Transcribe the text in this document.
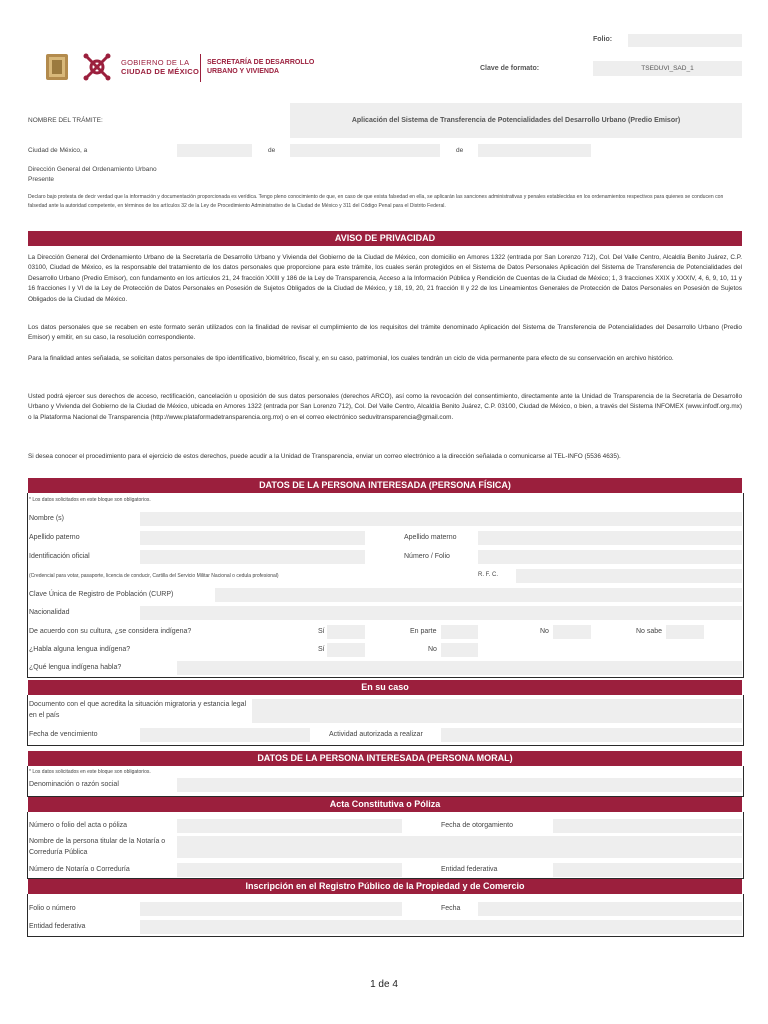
Folio:
GOBIERNO DE LA
CIUDAD DE MÉXICO
SECRETARÍA DE DESARROLLO
URBANO Y VIVIENDA	Clave de formato:	TSEDUVI_SAD_1
NOMBRE DEL TRÁMITE:	Aplicación del Sistema de Transferencia de Potencialidades del Desarrollo Urbano (Predio Emisor)
Ciudad de México, a	de	de
Dirección General del Ordenamiento Urbano
Presente
Declaro bajo protesta de decir verdad que la información y documentación proporcionada es verídica. Tengo pleno conocimiento de que, en caso de que exista falsedad en ella, se aplicarán las sanciones administrativas y penales establecidas en los ordenamientos respectivos para quienes se conducen con falsedad ante la autoridad competente, en términos de los artículos 32 de la Ley de Procedimiento Administrativo de la Ciudad de México y 311 del Código Penal para el Distrito Federal.
AVISO DE PRIVACIDAD
La Dirección General del Ordenamiento Urbano de la Secretaría de Desarrollo Urbano y Vivienda del Gobierno de la Ciudad de México, con domicilio en Amores 1322 (entrada por San Lorenzo 712), Col. Del Valle Centro, Alcaldía Benito Juárez, C.P. 03100, Ciudad de México, es la responsable del tratamiento de los datos personales que proporcione para este trámite, los cuales serán protegidos en el Sistema de Datos Personales Aplicación del Sistema de Transferencia de Potencialidades del Desarrollo Urbano (Predio Emisor), con fundamento en los artículos 21, 24 fracción XXIII y 186 de la Ley de Transparencia, Acceso a la Información Pública y Rendición de Cuentas de la Ciudad de México; 1, 3 fracciones XXIX y XXXIV, 4, 6, 9, 10, 11 y 16 fracciones I y VI de la Ley de Protección de Datos Personales en Posesión de Sujetos Obligados de la Ciudad de México, y 18, 19, 20, 21 fracción II y 22 de los Lineamientos Generales de Protección de Datos Personales en Posesión de Sujetos Obligados de la Ciudad de México.
Los datos personales que se recaben en este formato serán utilizados con la finalidad de revisar el cumplimiento de los requisitos del trámite denominado Aplicación del Sistema de Transferencia de Potencialidades del Desarrollo Urbano (Predio Emisor) y emitir, en su caso, la resolución correspondiente.
Para la finalidad antes señalada, se solicitan datos personales de tipo identificativo, biométrico, fiscal y, en su caso, patrimonial, los cuales tendrán un ciclo de vida permanente para efecto de su conservación en archivo histórico.
Usted podrá ejercer sus derechos de acceso, rectificación, cancelación u oposición de sus datos personales (derechos ARCO), así como la revocación del consentimiento, directamente ante la Unidad de Transparencia de la Secretaría de Desarrollo Urbano y Vivienda del Gobierno de la Ciudad de México, ubicada en Amores 1322 (entrada por San Lorenzo 712), Col. Del Valle Centro, Alcaldía Benito Juárez, C.P. 03100, Ciudad de México, o bien, a través del Sistema INFOMEX (www.infodf.org.mx) o la Plataforma Nacional de Transparencia (http://www.plataformadetransparencia.org.mx) o en el correo electrónico seduvitransparencia@gmail.com.
Si desea conocer el procedimiento para el ejercicio de estos derechos, puede acudir a la Unidad de Transparencia, enviar un correo electrónico a la dirección señalada o comunicarse al TEL-INFO (5536 4635).
DATOS DE LA PERSONA INTERESADA (PERSONA FÍSICA)
* Los datos solicitados en este bloque son obligatorios.
Nombre (s)
Apellido paterno	Apellido materno
Identificación oficial	Número / Folio
(Credencial para votar, pasaporte, licencia de conducir, Cartilla del Servicio Militar Nacional o cedula profesional)	R. F. C.
Clave Única de Registro de Población (CURP)
Nacionalidad
De acuerdo con su cultura, ¿se considera indígena?	Sí	En parte	No	No sabe
¿Habla alguna lengua indígena?	Sí	No
¿Qué lengua indígena habla?
En su caso
Documento con el que acredita la situación migratoria y estancia legal en el país
Fecha de vencimiento	Actividad autorizada a realizar
DATOS DE LA PERSONA INTERESADA (PERSONA MORAL)
* Los datos solicitados en este bloque son obligatorios.
Denominación o razón social
Acta Constitutiva o Póliza
Número o folio del acta o póliza	Fecha de otorgamiento
Nombre de la persona titular de la Notaría o Correduría Pública
Número de Notaría o Correduría	Entidad federativa
Inscripción en el Registro Público de la Propiedad y de Comercio
Folio o número	Fecha
Entidad federativa
1 de 4
